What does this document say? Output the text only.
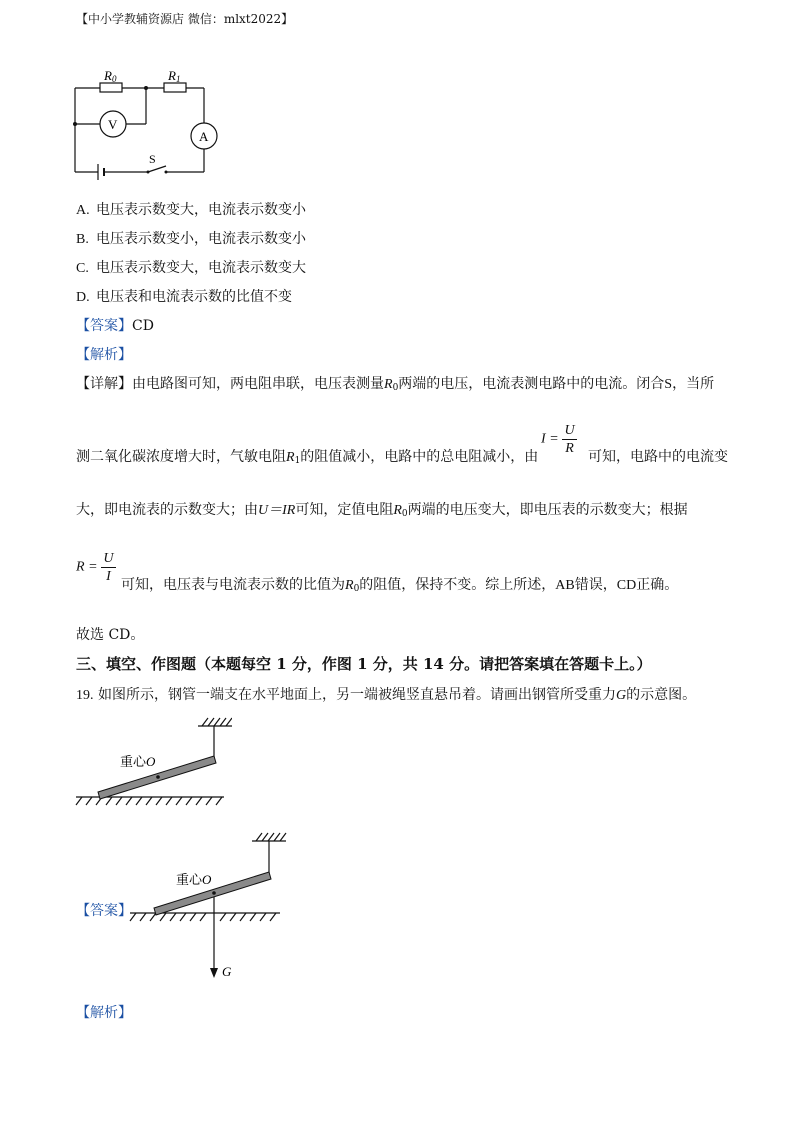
【中小学教辅资源店 微信：mlxt2022】
R0	R1
V
A
S
A. 电压表示数变大，电流表示数变小
B. 电压表示数变小，电流表示数变小
C. 电压表示数变大，电流表示数变大
D. 电压表和电流表示数的比值不变
【答案】CD
【解析】
【详解】由电路图可知，两电阻串联，电压表测量$R_0$两端的电压，电流表测电路中的电流。闭合S，当所
测二氧化碳浓度增大时，气敏电阻$R_1$的阻值减小，电路中的总电阻减小，由
$I = \frac{U}{R}$ 可知，电路中的电流变
大，即电流表的示数变大；由U＝IR可知，定值电阻$R_0$两端的电压变大，即电压表的示数变大；根据
$R = \frac{U}{I}$ 可知，电压表与电流表示数的比值为$R_0$的阻值，保持不变。综上所述，AB错误，CD正确。
故选 CD。
三、填空、作图题（本题每空 1 分，作图 1 分，共 14 分。请把答案填在答题卡上。）
19. 如图所示，钢管一端支在水平地面上，另一端被绳竖直悬吊着。请画出钢管所受重力G的示意图。
重心O
【答案】
重心O
G
【解析】
